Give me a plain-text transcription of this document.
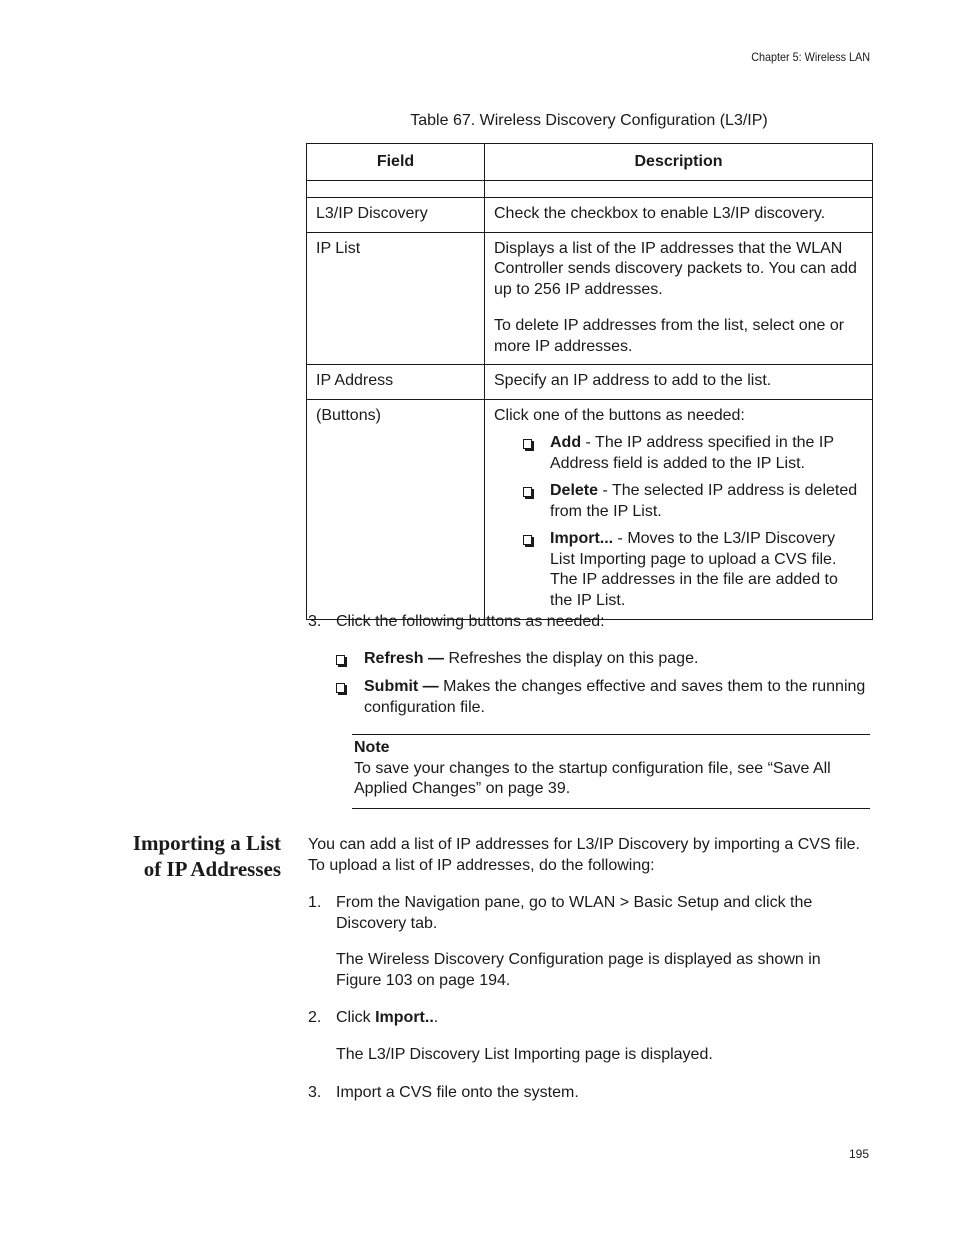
Chapter 5: Wireless LAN
Table 67. Wireless Discovery Configuration (L3/IP)
Field	Description

L3/IP Discovery	Check the checkbox to enable L3/IP discovery.

IP List	Displays a list of the IP addresses that the WLAN Controller sends discovery packets to. You can add up to 256 IP addresses.

To delete IP addresses from the list, select one or more IP addresses.

IP Address	Specify an IP address to add to the list.

(Buttons)	Click one of the buttons as needed:

Add - The IP address specified in the IP Address field is added to the IP List.
Delete - The selected IP address is deleted from the IP List.
Import... - Moves to the L3/IP Discovery List Importing page to upload a CVS file. The IP addresses in the file are added to the IP List.
3. Click the following buttons as needed:
Refresh — Refreshes the display on this page.
Submit — Makes the changes effective and saves them to the running configuration file.
Note
To save your changes to the startup configuration file, see “Save All Applied Changes” on page 39.
Importing a List
of IP Addresses
You can add a list of IP addresses for L3/IP Discovery by importing a CVS file. To upload a list of IP addresses, do the following:
1. From the Navigation pane, go to WLAN > Basic Setup and click the Discovery tab.
The Wireless Discovery Configuration page is displayed as shown in Figure 103 on page 194.
2. Click Import...
The L3/IP Discovery List Importing page is displayed.
3. Import a CVS file onto the system.
195
